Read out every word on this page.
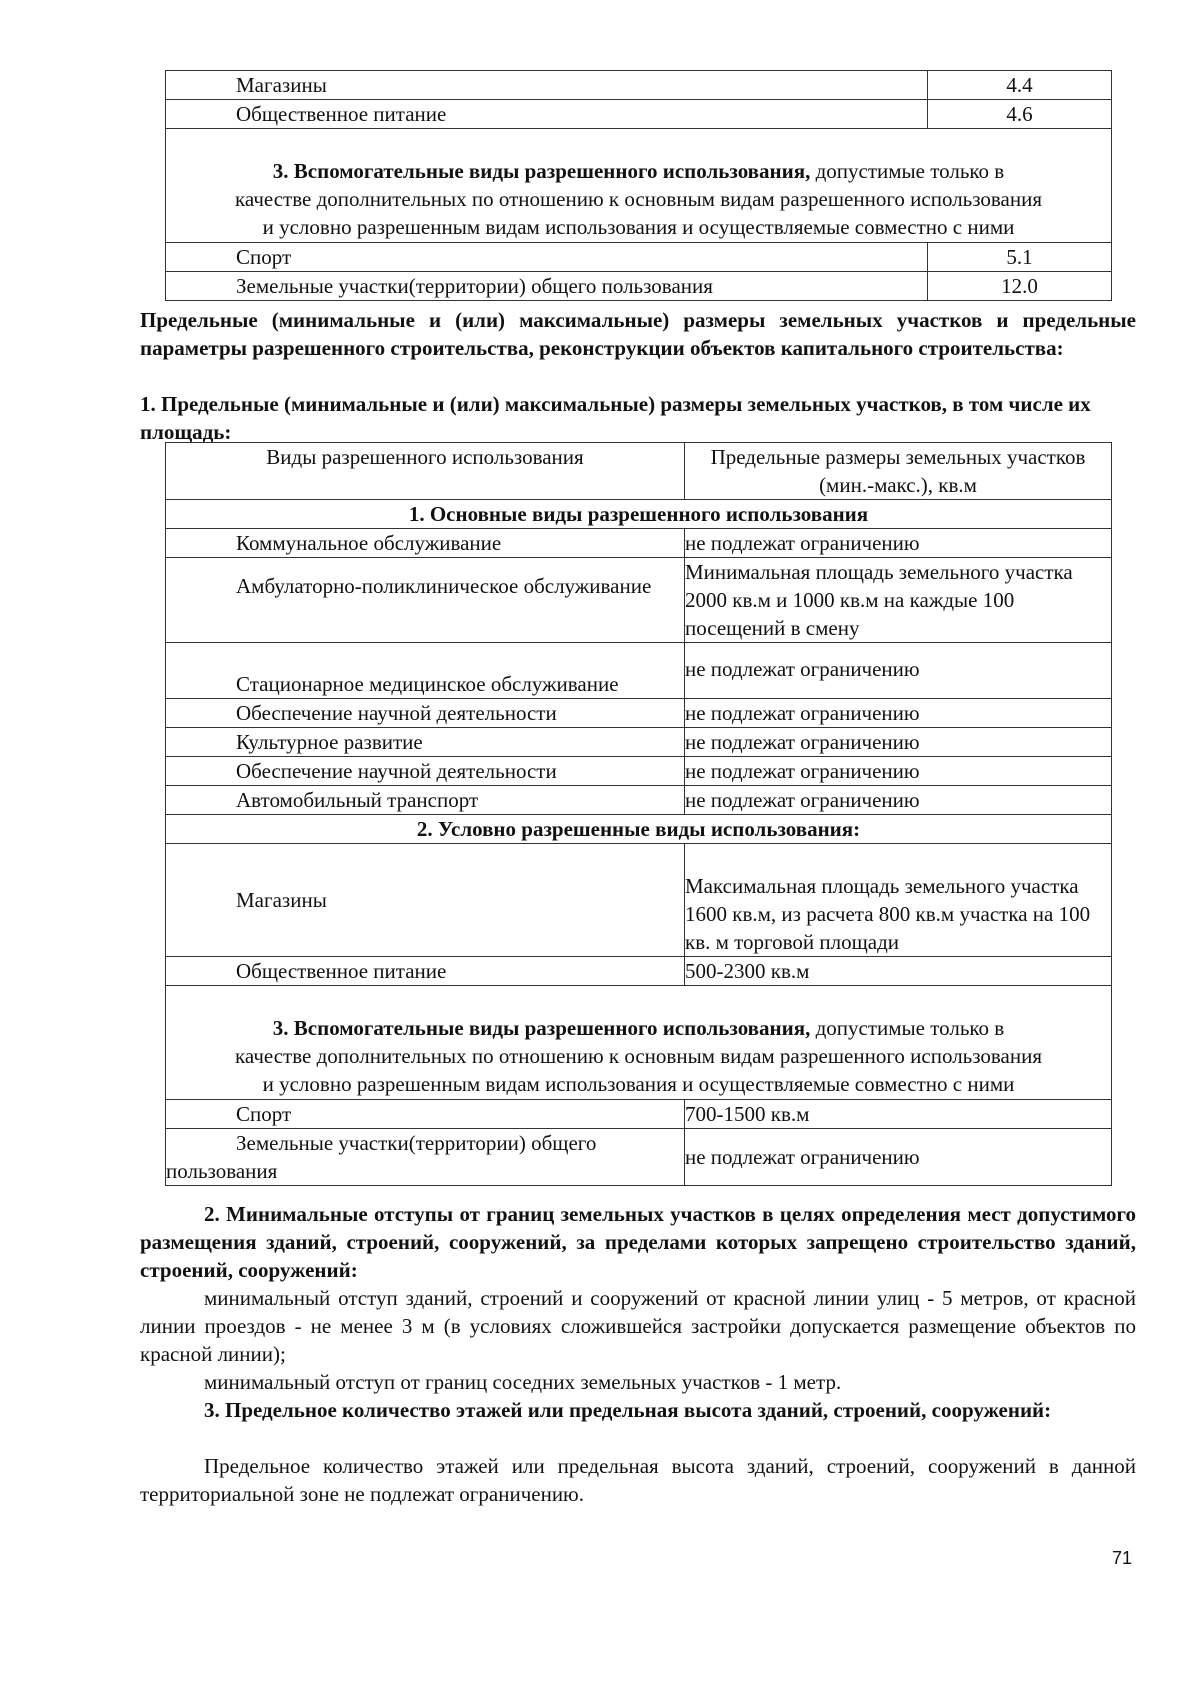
Магазины	4.4
Общественное питание	4.6
3. Вспомогательные виды разрешенного использования, допустимые только в
качестве дополнительных по отношению к основным видам разрешенного использования
и условно разрешенным видам использования и осуществляемые совместно с ними	
Спорт	5.1
Земельные участки(территории) общего пользования	12.0
Предельные (минимальные и (или) максимальные) размеры земельных участков и предельные параметры разрешенного строительства, реконструкции объектов капитального строительства:
1. Предельные (минимальные и (или) максимальные) размеры земельных участков, в том числе их площадь:
Виды разрешенного использования	Предельные размеры земельных участков (мин.-макс.), кв.м
1. Основные виды разрешенного использования	
Коммунальное обслуживание	не подлежат ограничению
Амбулаторно-поликлиническое обслуживание	Минимальная площадь земельного участка 2000 кв.м и 1000 кв.м на каждые 100 посещений в смену
Стационарное медицинское обслуживание	не подлежат ограничению
Обеспечение научной деятельности	не подлежат ограничению
Культурное развитие	не подлежат ограничению
Обеспечение научной деятельности	не подлежат ограничению
Автомобильный транспорт	не подлежат ограничению
2. Условно разрешенные виды использования:	
Магазины	Максимальная площадь земельного участка 1600 кв.м, из расчета 800 кв.м участка на 100 кв. м торговой площади
Общественное питание	500-2300 кв.м
3. Вспомогательные виды разрешенного использования, допустимые только в
качестве дополнительных по отношению к основным видам разрешенного использования
и условно разрешенным видам использования и осуществляемые совместно с ними	
Спорт	700-1500 кв.м
Земельные участки(территории) общего пользования	не подлежат ограничению
2. Минимальные отступы от границ земельных участков в целях определения мест допустимого размещения зданий, строений, сооружений, за пределами которых запрещено строительство зданий, строений, сооружений:
минимальный отступ зданий, строений и сооружений от красной линии улиц - 5 метров, от красной линии проездов - не менее 3 м (в условиях сложившейся застройки допускается размещение объектов по красной линии);
минимальный отступ от границ соседних земельных участков - 1 метр.
3. Предельное количество этажей или предельная высота зданий, строений, сооружений:
Предельное количество этажей или предельная высота зданий, строений, сооружений в данной территориальной зоне не подлежат ограничению.
71
